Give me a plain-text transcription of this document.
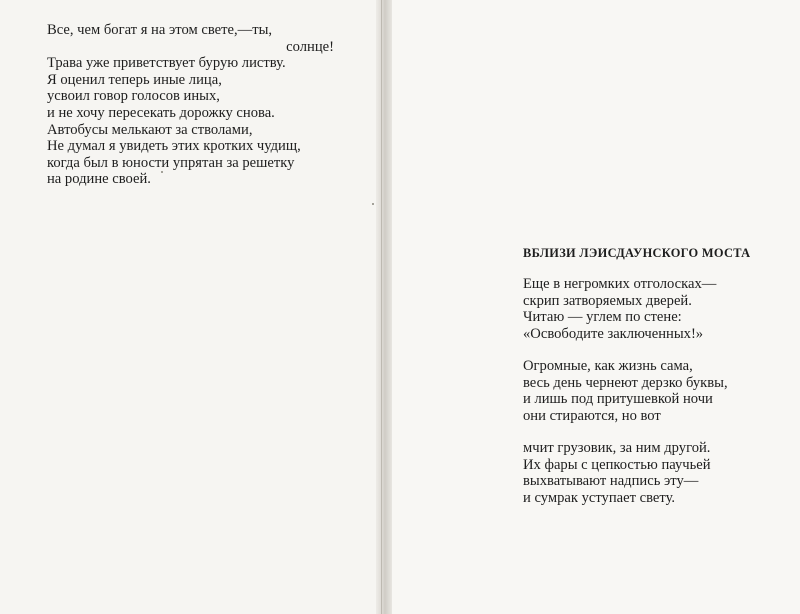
Все, чем богат я на этом свете,—ты,
солнце!
Трава уже приветствует бурую листву.
Я оценил теперь иные лица,
усвоил говор голосов иных,
и не хочу пересекать дорожку снова.
Автобусы мелькают за стволами,
Не думал я увидеть этих кротких чудищ,
когда был в юности упрятан за решетку
на родине своей.
ВБЛИЗИ ЛЭИСДАУНСКОГО МОСТА
Еще в негромких отголосках—
скрип затворяемых дверей.
Читаю — углем по стене:
«Освободите заключенных!»
Огромные, как жизнь сама,
весь день чернеют дерзко буквы,
и лишь под притушевкой ночи
они стираются, но вот
мчит грузовик, за ним другой.
Их фары с цепкостью паучьей
выхватывают надпись эту—
и сумрак уступает свету.
